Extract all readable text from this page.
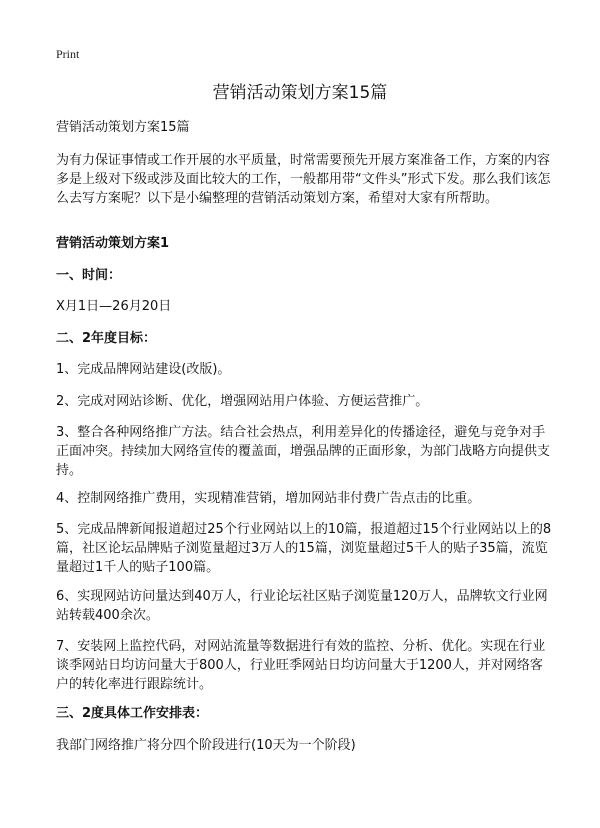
Print
营销活动策划方案15篇

营销活动策划方案15篇

为有力保证事情或工作开展的水平质量，时常需要预先开展方案准备工作，方案的内容多是上级对下级或涉及面比较大的工作，一般都用带“文件头”形式下发。那么我们该怎么去写方案呢？以下是小编整理的营销活动策划方案，希望对大家有所帮助。

营销活动策划方案1

一、时间：

X月1日—26月20日

二、2年度目标：

1、完成品牌网站建设(改版)。

2、完成对网站诊断、优化，增强网站用户体验、方便运营推广。

3、整合各种网络推广方法。结合社会热点，利用差异化的传播途径，避免与竞争对手正面冲突。持续加大网络宣传的覆盖面，增强品牌的正面形象，为部门战略方向提供支持。

4、控制网络推广费用，实现精准营销，增加网站非付费广告点击的比重。

5、完成品牌新闻报道超过25个行业网站以上的10篇，报道超过15个行业网站以上的8篇，社区论坛品牌贴子浏览量超过3万人的15篇，浏览量超过5千人的贴子35篇，流览量超过1千人的贴子100篇。

6、实现网站访问量达到40万人，行业论坛社区贴子浏览量120万人，品牌软文行业网站转载400余次。

7、安装网上监控代码，对网站流量等数据进行有效的监控、分析、优化。实现在行业谈季网站日均访问量大于800人，行业旺季网站日均访问量大于1200人，并对网络客户的转化率进行跟踪统计。

三、2度具体工作安排表：

我部门网络推广将分四个阶段进行(10天为一个阶段)
